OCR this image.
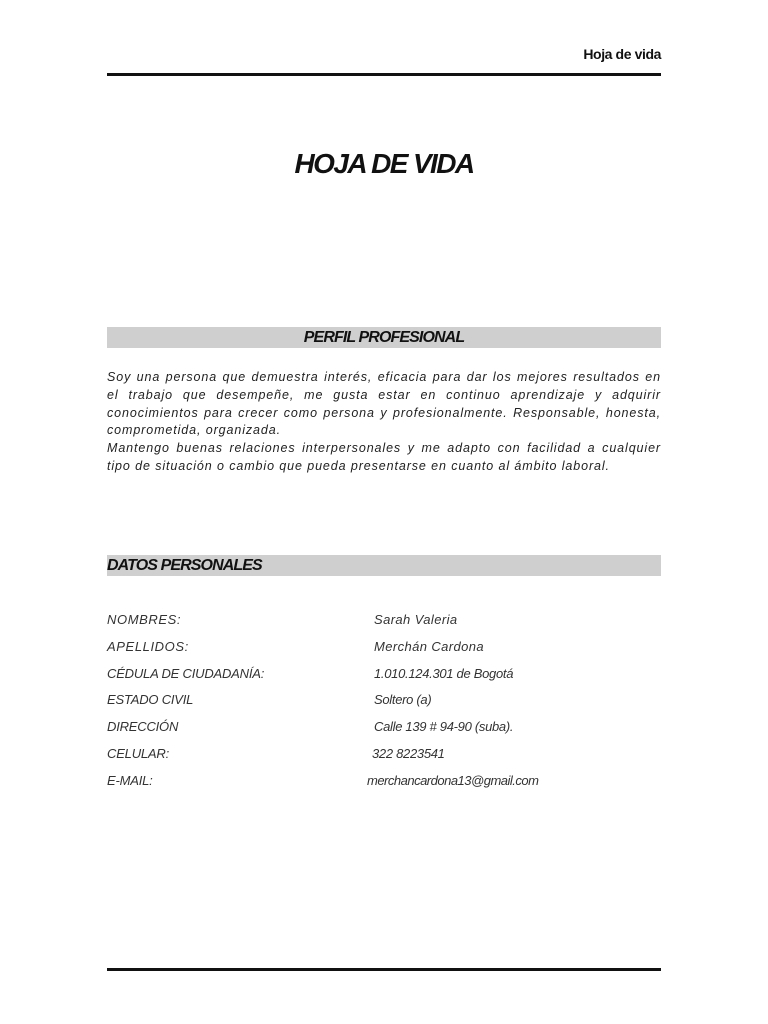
Hoja de vida
HOJA DE VIDA
PERFIL PROFESIONAL

Soy una persona que demuestra interés, eficacia para dar los mejores resultados en el trabajo que desempeñe, me gusta estar en continuo aprendizaje y adquirir conocimientos para crecer como persona y profesionalmente. Responsable, honesta, comprometida, organizada.

Mantengo buenas relaciones interpersonales y me adapto con facilidad a cualquier tipo de situación o cambio que pueda presentarse en cuanto al ámbito laboral.

DATOS PERSONALES
NOMBRES:	Sarah Valeria
APELLIDOS:	Merchán Cardona
CÉDULA DE CIUDADANÍA:	1.010.124.301 de Bogotá
ESTADO CIVIL	Soltero (a)
DIRECCIÓN	Calle 139 # 94-90 (suba).
CELULAR:	322 8223541
E-MAIL:	merchancardona13@gmail.com
